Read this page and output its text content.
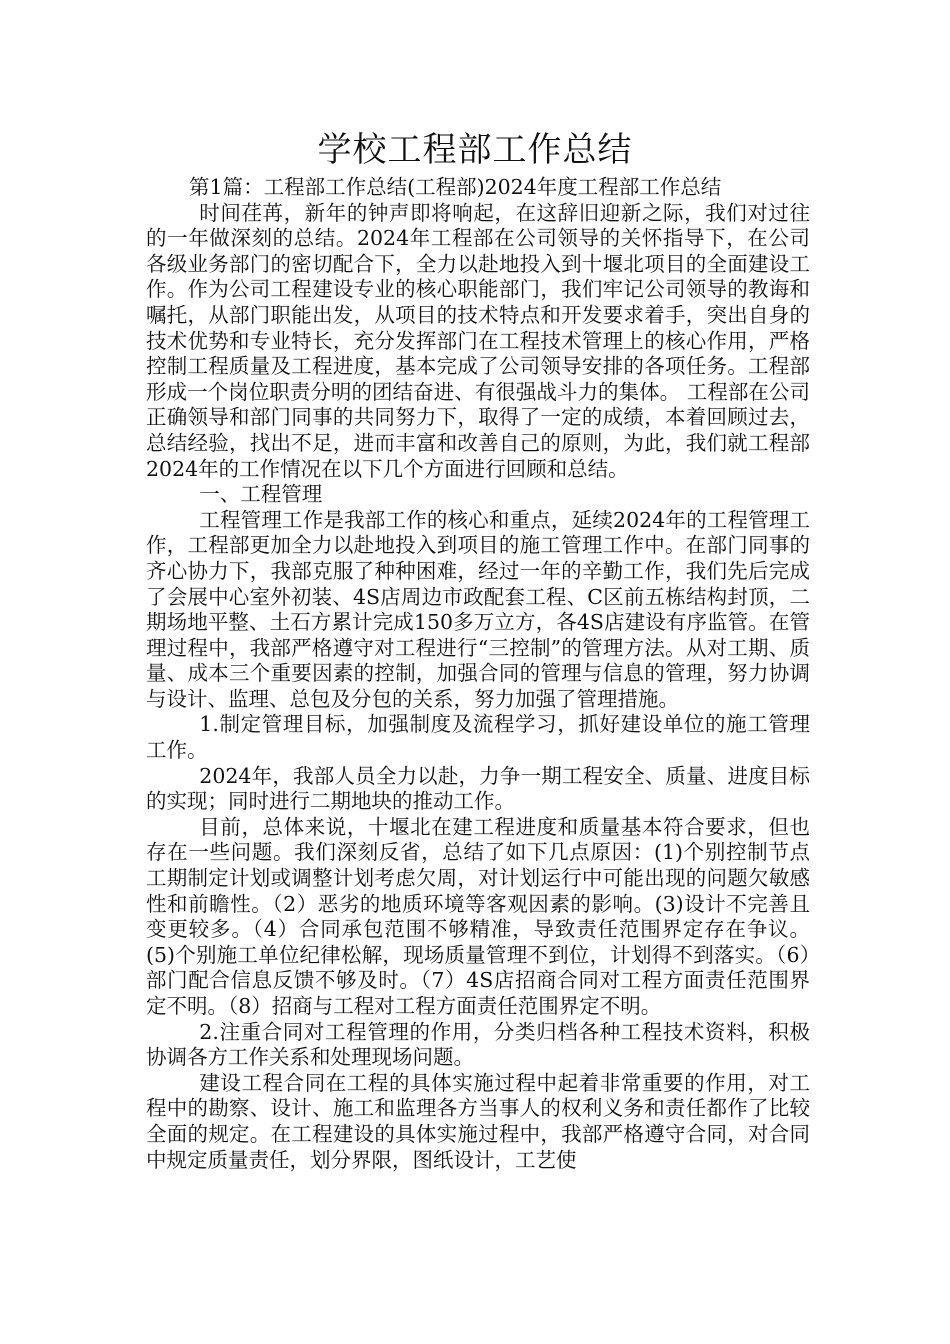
学校工程部工作总结

第1篇：工程部工作总结(工程部)2024年度工程部工作总结

时间荏苒，新年的钟声即将响起，在这辞旧迎新之际，我们对过往的一年做深刻的总结。2024年工程部在公司领导的关怀指导下，在公司各级业务部门的密切配合下，全力以赴地投入到十堰北项目的全面建设工作。作为公司工程建设专业的核心职能部门，我们牢记公司领导的教诲和嘱托，从部门职能出发，从项目的技术特点和开发要求着手，突出自身的技术优势和专业特长，充分发挥部门在工程技术管理上的核心作用，严格控制工程质量及工程进度，基本完成了公司领导安排的各项任务。工程部形成一个岗位职责分明的团结奋进、有很强战斗力的集体。 工程部在公司正确领导和部门同事的共同努力下，取得了一定的成绩，本着回顾过去，总结经验，找出不足，进而丰富和改善自己的原则，为此，我们就工程部2024年的工作情况在以下几个方面进行回顾和总结。

一、工程管理

工程管理工作是我部工作的核心和重点，延续2024年的工程管理工作，工程部更加全力以赴地投入到项目的施工管理工作中。在部门同事的齐心协力下，我部克服了种种困难，经过一年的辛勤工作，我们先后完成了会展中心室外初装、4S店周边市政配套工程、C区前五栋结构封顶，二期场地平整、土石方累计完成150多万立方，各4S店建设有序监管。在管理过程中，我部严格遵守对工程进行“三控制”的管理方法。从对工期、质量、成本三个重要因素的控制，加强合同的管理与信息的管理，努力协调与设计、监理、总包及分包的关系，努力加强了管理措施。

1.制定管理目标，加强制度及流程学习，抓好建设单位的施工管理工作。

2024年，我部人员全力以赴，力争一期工程安全、质量、进度目标的实现；同时进行二期地块的推动工作。

目前，总体来说，十堰北在建工程进度和质量基本符合要求，但也存在一些问题。我们深刻反省，总结了如下几点原因：(1)个别控制节点工期制定计划或调整计划考虑欠周，对计划运行中可能出现的问题欠敏感性和前瞻性。（2）恶劣的地质环境等客观因素的影响。(3)设计不完善且变更较多。（4）合同承包范围不够精准，导致责任范围界定存在争议。 (5)个别施工单位纪律松解，现场质量管理不到位，计划得不到落实。（6）部门配合信息反馈不够及时。（7）4S店招商合同对工程方面责任范围界定不明。（8）招商与工程对工程方面责任范围界定不明。

2.注重合同对工程管理的作用，分类归档各种工程技术资料，积极协调各方工作关系和处理现场问题。

建设工程合同在工程的具体实施过程中起着非常重要的作用，对工程中的勘察、设计、施工和监理各方当事人的权利义务和责任都作了比较全面的规定。在工程建设的具体实施过程中，我部严格遵守合同，对合同中规定质量责任，划分界限，图纸设计，工艺使
